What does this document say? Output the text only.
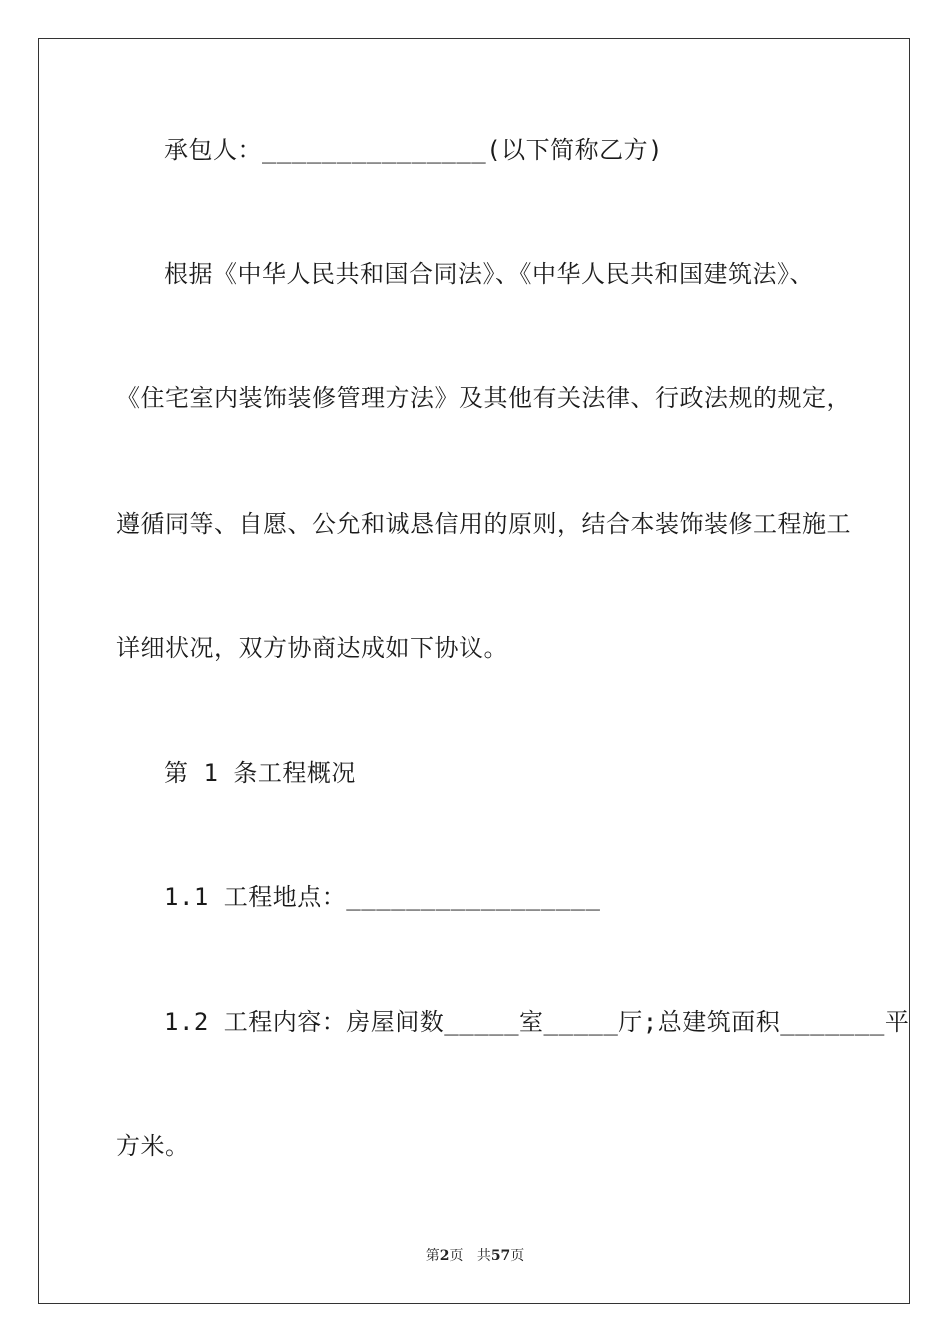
承包人：_______________(以下简称乙方)
根据《中华人民共和国合同法》、《中华人民共和国建筑法》、
《住宅室内装饰装修管理方法》及其他有关法律、行政法规的规定，
遵循同等、自愿、公允和诚恳信用的原则，结合本装饰装修工程施工
详细状况，双方协商达成如下协议。
第 1 条工程概况
1.1 工程地点：_________________
1.2 工程内容：房屋间数_____室_____厅;总建筑面积_______平
方米。
第2页 共57页
